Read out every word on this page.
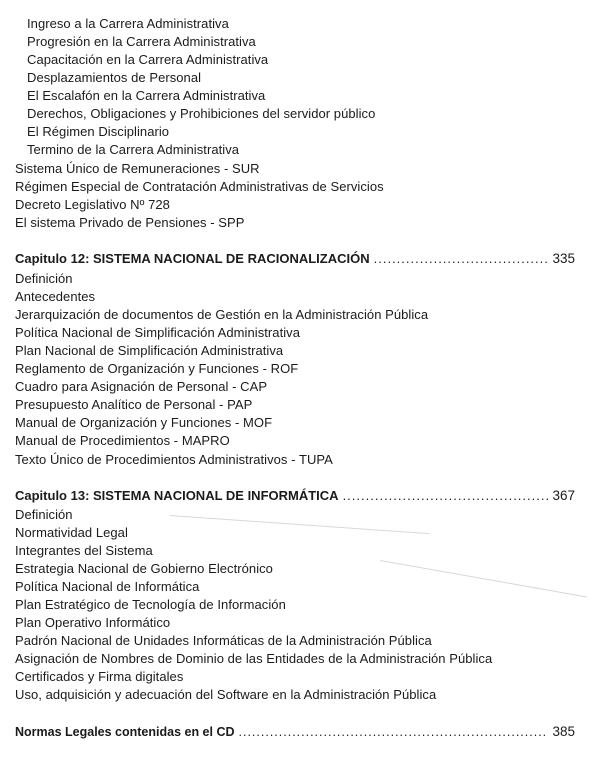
Ingreso a la Carrera Administrativa
Progresión en la Carrera Administrativa
Capacitación en la Carrera Administrativa
Desplazamientos de Personal
El Escalafón en la Carrera Administrativa
Derechos, Obligaciones y Prohibiciones del servidor público
El Régimen Disciplinario
Termino de la Carrera Administrativa
Sistema Único de Remuneraciones - SUR
Régimen Especial de Contratación Administrativas de Servicios
Decreto Legislativo Nº 728
El sistema Privado de Pensiones - SPP
Capitulo 12: SISTEMA NACIONAL DE RACIONALIZACIÓN .....	335
Definición
Antecedentes
Jerarquización de documentos de Gestión en la Administración Pública
Política Nacional de Simplificación Administrativa
Plan Nacional de Simplificación Administrativa
Reglamento de Organización y Funciones - ROF
Cuadro para Asignación de Personal - CAP
Presupuesto Analítico de Personal - PAP
Manual de Organización y Funciones - MOF
Manual de Procedimientos - MAPRO
Texto Único de Procedimientos Administrativos - TUPA
Capitulo 13: SISTEMA NACIONAL DE INFORMÁTICA .....	367
Definición
Normatividad Legal
Integrantes del Sistema
Estrategia Nacional de Gobierno Electrónico
Política Nacional de Informática
Plan Estratégico de Tecnología de Información
Plan Operativo Informático
Padrón Nacional de Unidades Informáticas de la Administración Pública
Asignación de Nombres de Dominio de las Entidades de la Administración Pública
Certificados y Firma digitales
Uso, adquisición y adecuación del Software en la Administración Pública
Normas Legales contenidas en el CD .....	385
